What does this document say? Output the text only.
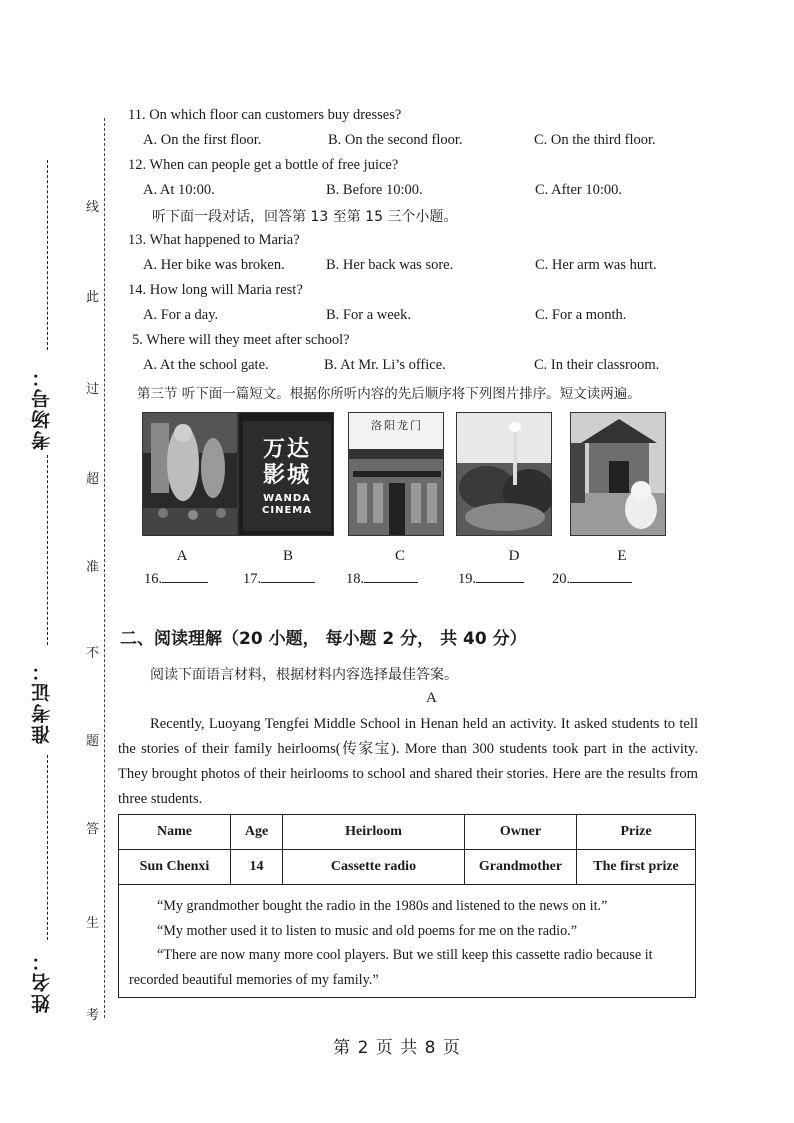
线
此
过
超
准
不
题
答
生
考
考场号：
准考证：
姓名：
11. On which floor can customers buy dresses?
A. On the first floor.	B. On the second floor.	C. On the third floor.
12. When can people get a bottle of free juice?
A. At 10:00.	B. Before 10:00.	C. After 10:00.
听下面一段对话，回答第 13 至第 15 三个小题。
13. What happened to Maria?
A. Her bike was broken.	B. Her back was sore.	C. Her arm was hurt.
14. How long will Maria rest?
A. For a day.	B. For a week.	C. For a month.
5. Where will they meet after school?
A. At the school gate.	B. At Mr. Li’s office.	C. In their classroom.
第三节 听下面一篇短文。根据你所听内容的先后顺序将下列图片排序。短文读两遍。
万达影城
WANDA CINEMA
洛阳龙门
A	B	C	D	E
16.	17.	18.	19.	20.
二、阅读理解（20 小题， 每小题 2 分， 共 40 分）
阅读下面语言材料，根据材料内容选择最佳答案。
A

Recently, Luoyang Tengfei Middle School in Henan held an activity. It asked students to tell the stories of their family heirlooms(传家宝). More than 300 students took part in the activity. They brought photos of their heirlooms to school and shared their stories. Here are the results from three students.

Name	Age	Heirloom	Owner	Prize
Sun Chenxi	14	Cassette radio	Grandmother	The first prize

“My grandmother bought the radio in the 1980s and listened to the news on it.”

“My mother used it to listen to music and old poems for me on the radio.”

“There are now many more cool players. But we still keep this cassette radio because it recorded beautiful memories of my family.”

第 2 页 共 8 页
